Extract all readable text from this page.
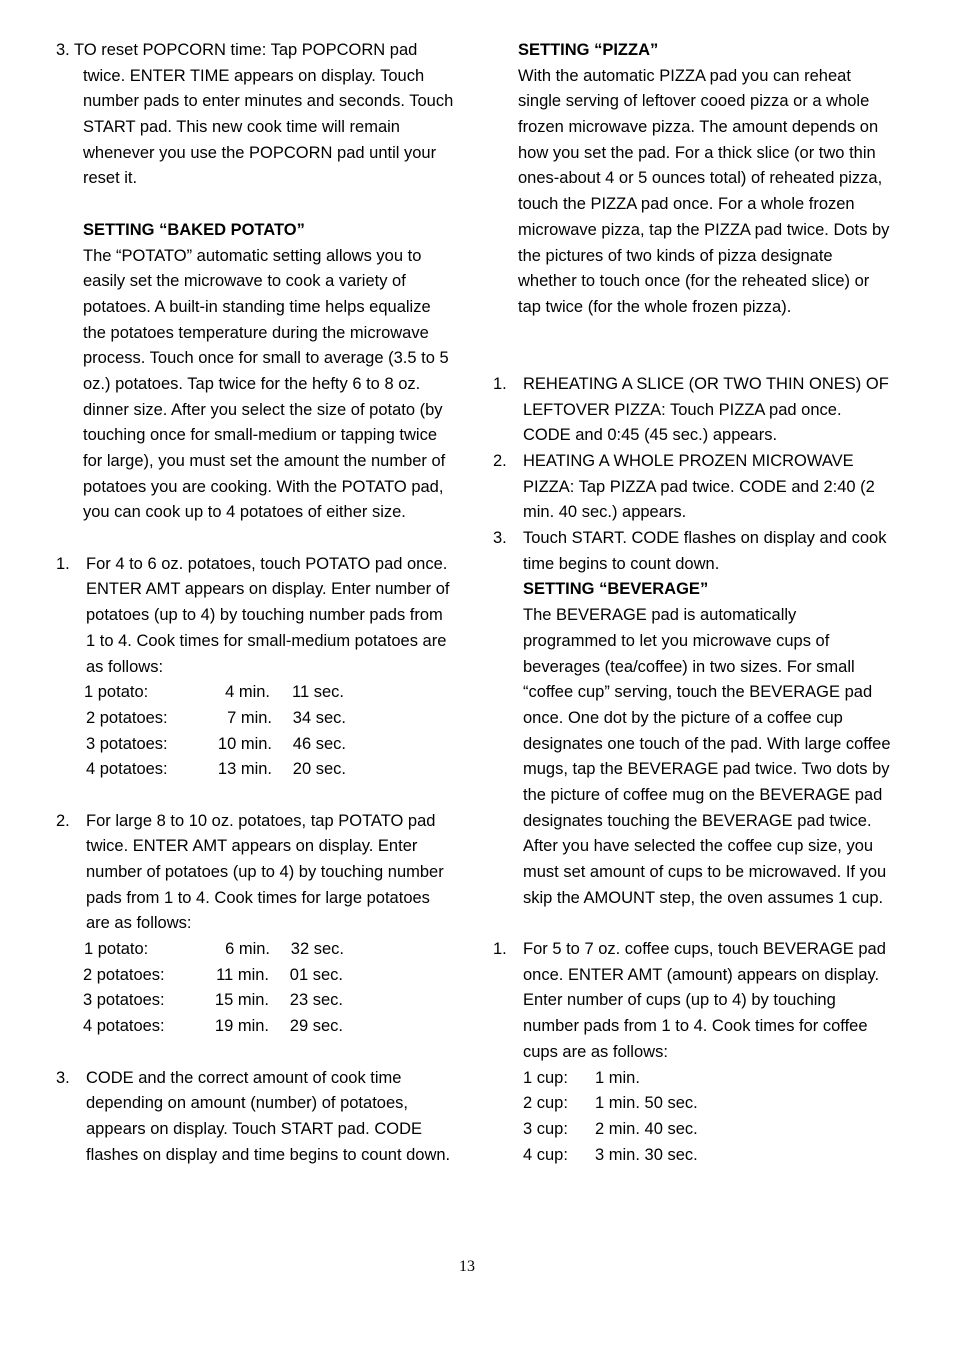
3. TO reset POPCORN time: Tap POPCORN pad
twice. ENTER TIME appears on display. Touch
number pads to enter minutes and seconds. Touch
START pad. This new cook time will remain
whenever you use the POPCORN pad until your
reset it.
SETTING “BAKED POTATO”
The “POTATO” automatic setting allows you to
easily set the microwave to cook a variety of
potatoes. A built-in standing time helps equalize
the potatoes temperature during the microwave
process. Touch once for small to average (3.5 to 5
oz.) potatoes. Tap twice for the hefty 6 to 8 oz.
dinner size. After you select the size of potato (by
touching once for small-medium or tapping twice
for large), you must set the amount the number of
potatoes you are cooking. With the POTATO pad,
you can cook up to 4 potatoes of either size.
1. For 4 to 6 oz. potatoes, touch POTATO pad once.
ENTER AMT appears on display. Enter number of
potatoes (up to 4) by touching number pads from
1 to 4. Cook times for small-medium potatoes are
as follows:
1 potato:	4 min. 11 sec.
2 potatoes:	7 min. 34 sec.
3 potatoes:	10 min. 46 sec.
4 potatoes:	13 min. 20 sec.
2. For large 8 to 10 oz. potatoes, tap POTATO pad
twice. ENTER AMT appears on display. Enter
number of potatoes (up to 4) by touching number
pads from 1 to 4. Cook times for large potatoes
are as follows:
1 potato:	6 min. 32 sec.
2 potatoes:	11 min. 01 sec.
3 potatoes:	15 min. 23 sec.
4 potatoes:	19 min. 29 sec.
3. CODE and the correct amount of cook time
depending on amount (number) of potatoes,
appears on display. Touch START pad. CODE
flashes on display and time begins to count down.
SETTING “PIZZA”
With the automatic PIZZA pad you can reheat
single serving of leftover cooed pizza or a whole
frozen microwave pizza. The amount depends on
how you set the pad. For a thick slice (or two thin
ones-about 4 or 5 ounces total) of reheated pizza,
touch the PIZZA pad once. For a whole frozen
microwave pizza, tap the PIZZA pad twice. Dots by
the pictures of two kinds of pizza designate
whether to touch once (for the reheated slice) or
tap twice (for the whole frozen pizza).
1. REHEATING A SLICE (OR TWO THIN ONES) OF
LEFTOVER PIZZA: Touch PIZZA pad once.
CODE and 0:45 (45 sec.) appears.
2. HEATING A WHOLE PROZEN MICROWAVE
PIZZA: Tap PIZZA pad twice. CODE and 2:40 (2
min. 40 sec.) appears.
3. Touch START. CODE flashes on display and cook
time begins to count down.
SETTING “BEVERAGE”
The BEVERAGE pad is automatically
programmed to let you microwave cups of
beverages (tea/coffee) in two sizes. For small
“coffee cup” serving, touch the BEVERAGE pad
once. One dot by the picture of a coffee cup
designates one touch of the pad. With large coffee
mugs, tap the BEVERAGE pad twice. Two dots by
the picture of coffee mug on the BEVERAGE pad
designates touching the BEVERAGE pad twice.
After you have selected the coffee cup size, you
must set amount of cups to be microwaved. If you
skip the AMOUNT step, the oven assumes 1 cup.
1. For 5 to 7 oz. coffee cups, touch BEVERAGE pad
once. ENTER AMT (amount) appears on display.
Enter number of cups (up to 4) by touching
number pads from 1 to 4. Cook times for coffee
cups are as follows:
1 cup: 1 min.
2 cup: 1 min. 50 sec.
3 cup: 2 min. 40 sec.
4 cup: 3 min. 30 sec.
13
